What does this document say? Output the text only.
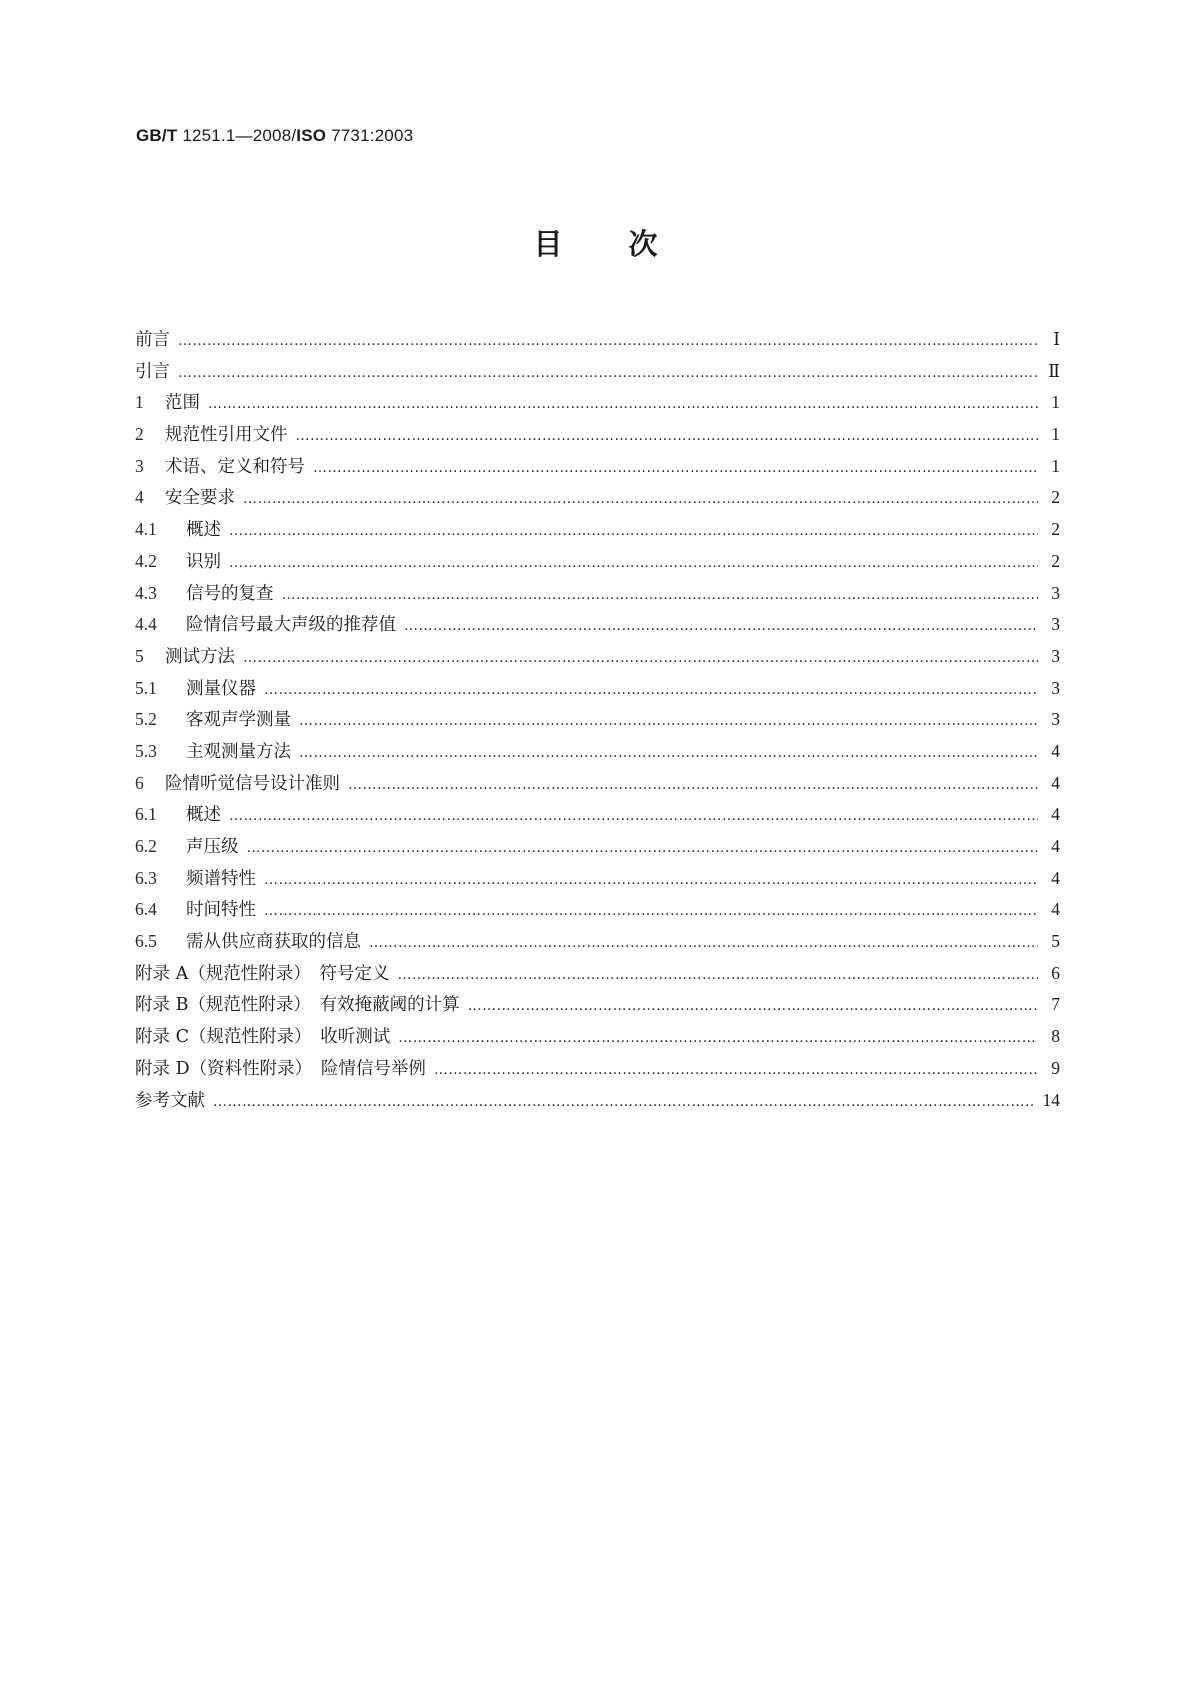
GB/T 1251.1—2008/ISO 7731:2003
目 次
前言 ……………………………………………………………………………………………………………………………………………………………………………………………………………………………	Ⅰ
引言 ……………………………………………………………………………………………………………………………………………………………………………………………………………………………	Ⅱ
1	范围 ……………………………………………………………………………………………………………………………………………………………………………………………………………………………	1
2	规范性引用文件 ……………………………………………………………………………………………………………………………………………………………………………………………………………………………	1
3	术语、定义和符号 ……………………………………………………………………………………………………………………………………………………………………………………………………………………………	1
4	安全要求 ……………………………………………………………………………………………………………………………………………………………………………………………………………………………	2
4.1	概述 ……………………………………………………………………………………………………………………………………………………………………………………………………………………………	2
4.2	识别 ……………………………………………………………………………………………………………………………………………………………………………………………………………………………	2
4.3	信号的复查 ……………………………………………………………………………………………………………………………………………………………………………………………………………………………	3
4.4	险情信号最大声级的推荐值 ……………………………………………………………………………………………………………………………………………………………………………………………………………………………	3
5	测试方法 ……………………………………………………………………………………………………………………………………………………………………………………………………………………………	3
5.1	测量仪器 ……………………………………………………………………………………………………………………………………………………………………………………………………………………………	3
5.2	客观声学测量 ……………………………………………………………………………………………………………………………………………………………………………………………………………………………	3
5.3	主观测量方法 ……………………………………………………………………………………………………………………………………………………………………………………………………………………………	4
6	险情听觉信号设计准则 ……………………………………………………………………………………………………………………………………………………………………………………………………………………………	4
6.1	概述 ……………………………………………………………………………………………………………………………………………………………………………………………………………………………	4
6.2	声压级 ……………………………………………………………………………………………………………………………………………………………………………………………………………………………	4
6.3	频谱特性 ……………………………………………………………………………………………………………………………………………………………………………………………………………………………	4
6.4	时间特性 ……………………………………………………………………………………………………………………………………………………………………………………………………………………………	4
6.5	需从供应商获取的信息 ……………………………………………………………………………………………………………………………………………………………………………………………………………………………	5
附录 A（规范性附录）　符号定义 ……………………………………………………………………………………………………………………………………………………………………………………………………………………………	6
附录 B（规范性附录）　有效掩蔽阈的计算 ……………………………………………………………………………………………………………………………………………………………………………………………………………………………	7
附录 C（规范性附录）　收听测试 ……………………………………………………………………………………………………………………………………………………………………………………………………………………………	8
附录 D（资料性附录）　险情信号举例 ……………………………………………………………………………………………………………………………………………………………………………………………………………………………	9
参考文献 ……………………………………………………………………………………………………………………………………………………………………………………………………………………………	14
